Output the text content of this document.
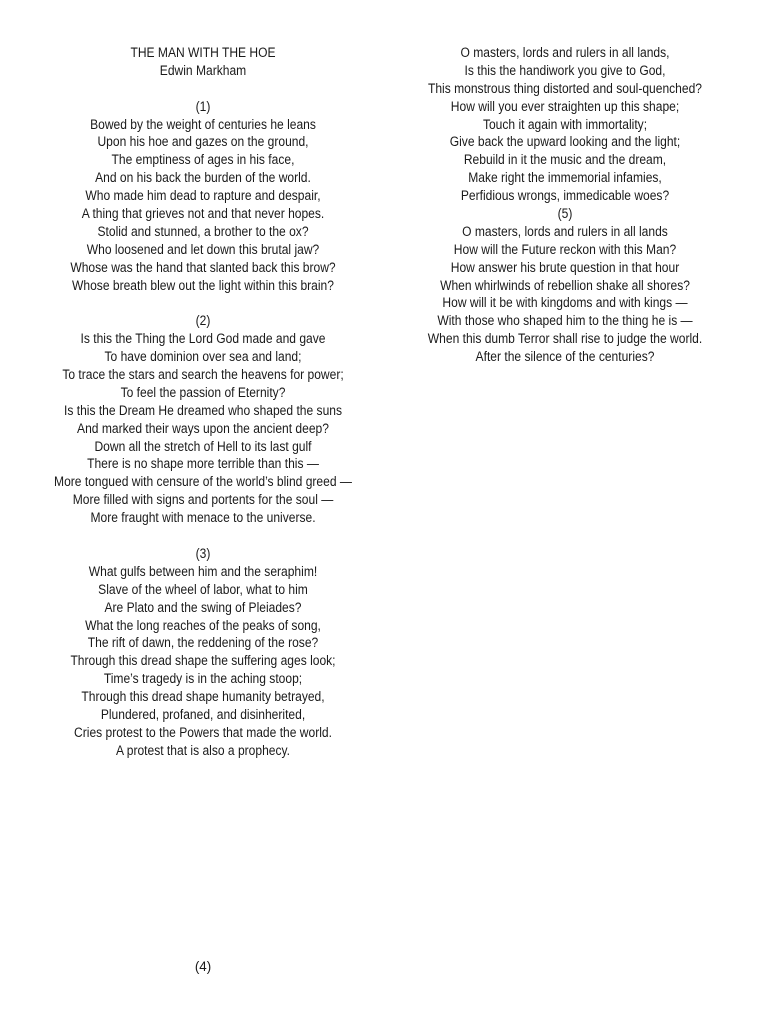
THE MAN WITH THE HOE
Edwin Markham
(1)
Bowed by the weight of centuries he leans
Upon his hoe and gazes on the ground,
The emptiness of ages in his face,
And on his back the burden of the world.
Who made him dead to rapture and despair,
A thing that grieves not and that never hopes.
Stolid and stunned, a brother to the ox?
Who loosened and let down this brutal jaw?
Whose was the hand that slanted back this brow?
Whose breath blew out the light within this brain?
(2)
Is this the Thing the Lord God made and gave
To have dominion over sea and land;
To trace the stars and search the heavens for power;
To feel the passion of Eternity?
Is this the Dream He dreamed who shaped the suns
And marked their ways upon the ancient deep?
Down all the stretch of Hell to its last gulf
There is no shape more terrible than this —
More tongued with censure of the world’s blind greed —
More filled with signs and portents for the soul —
More fraught with menace to the universe.
(3)
What gulfs between him and the seraphim!
Slave of the wheel of labor, what to him
Are Plato and the swing of Pleiades?
What the long reaches of the peaks of song,
The rift of dawn, the reddening of the rose?
Through this dread shape the suffering ages look;
Time’s tragedy is in the aching stoop;
Through this dread shape humanity betrayed,
Plundered, profaned, and disinherited,
Cries protest to the Powers that made the world.
A protest that is also a prophecy.
(4)
O masters, lords and rulers in all lands,
Is this the handiwork you give to God,
This monstrous thing distorted and soul-quenched?
How will you ever straighten up this shape;
Touch it again with immortality;
Give back the upward looking and the light;
Rebuild in it the music and the dream,
Make right the immemorial infamies,
Perfidious wrongs, immedicable woes?
(5)
O masters, lords and rulers in all lands
How will the Future reckon with this Man?
How answer his brute question in that hour
When whirlwinds of rebellion shake all shores?
How will it be with kingdoms and with kings —
With those who shaped him to the thing he is —
When this dumb Terror shall rise to judge the world.
After the silence of the centuries?
